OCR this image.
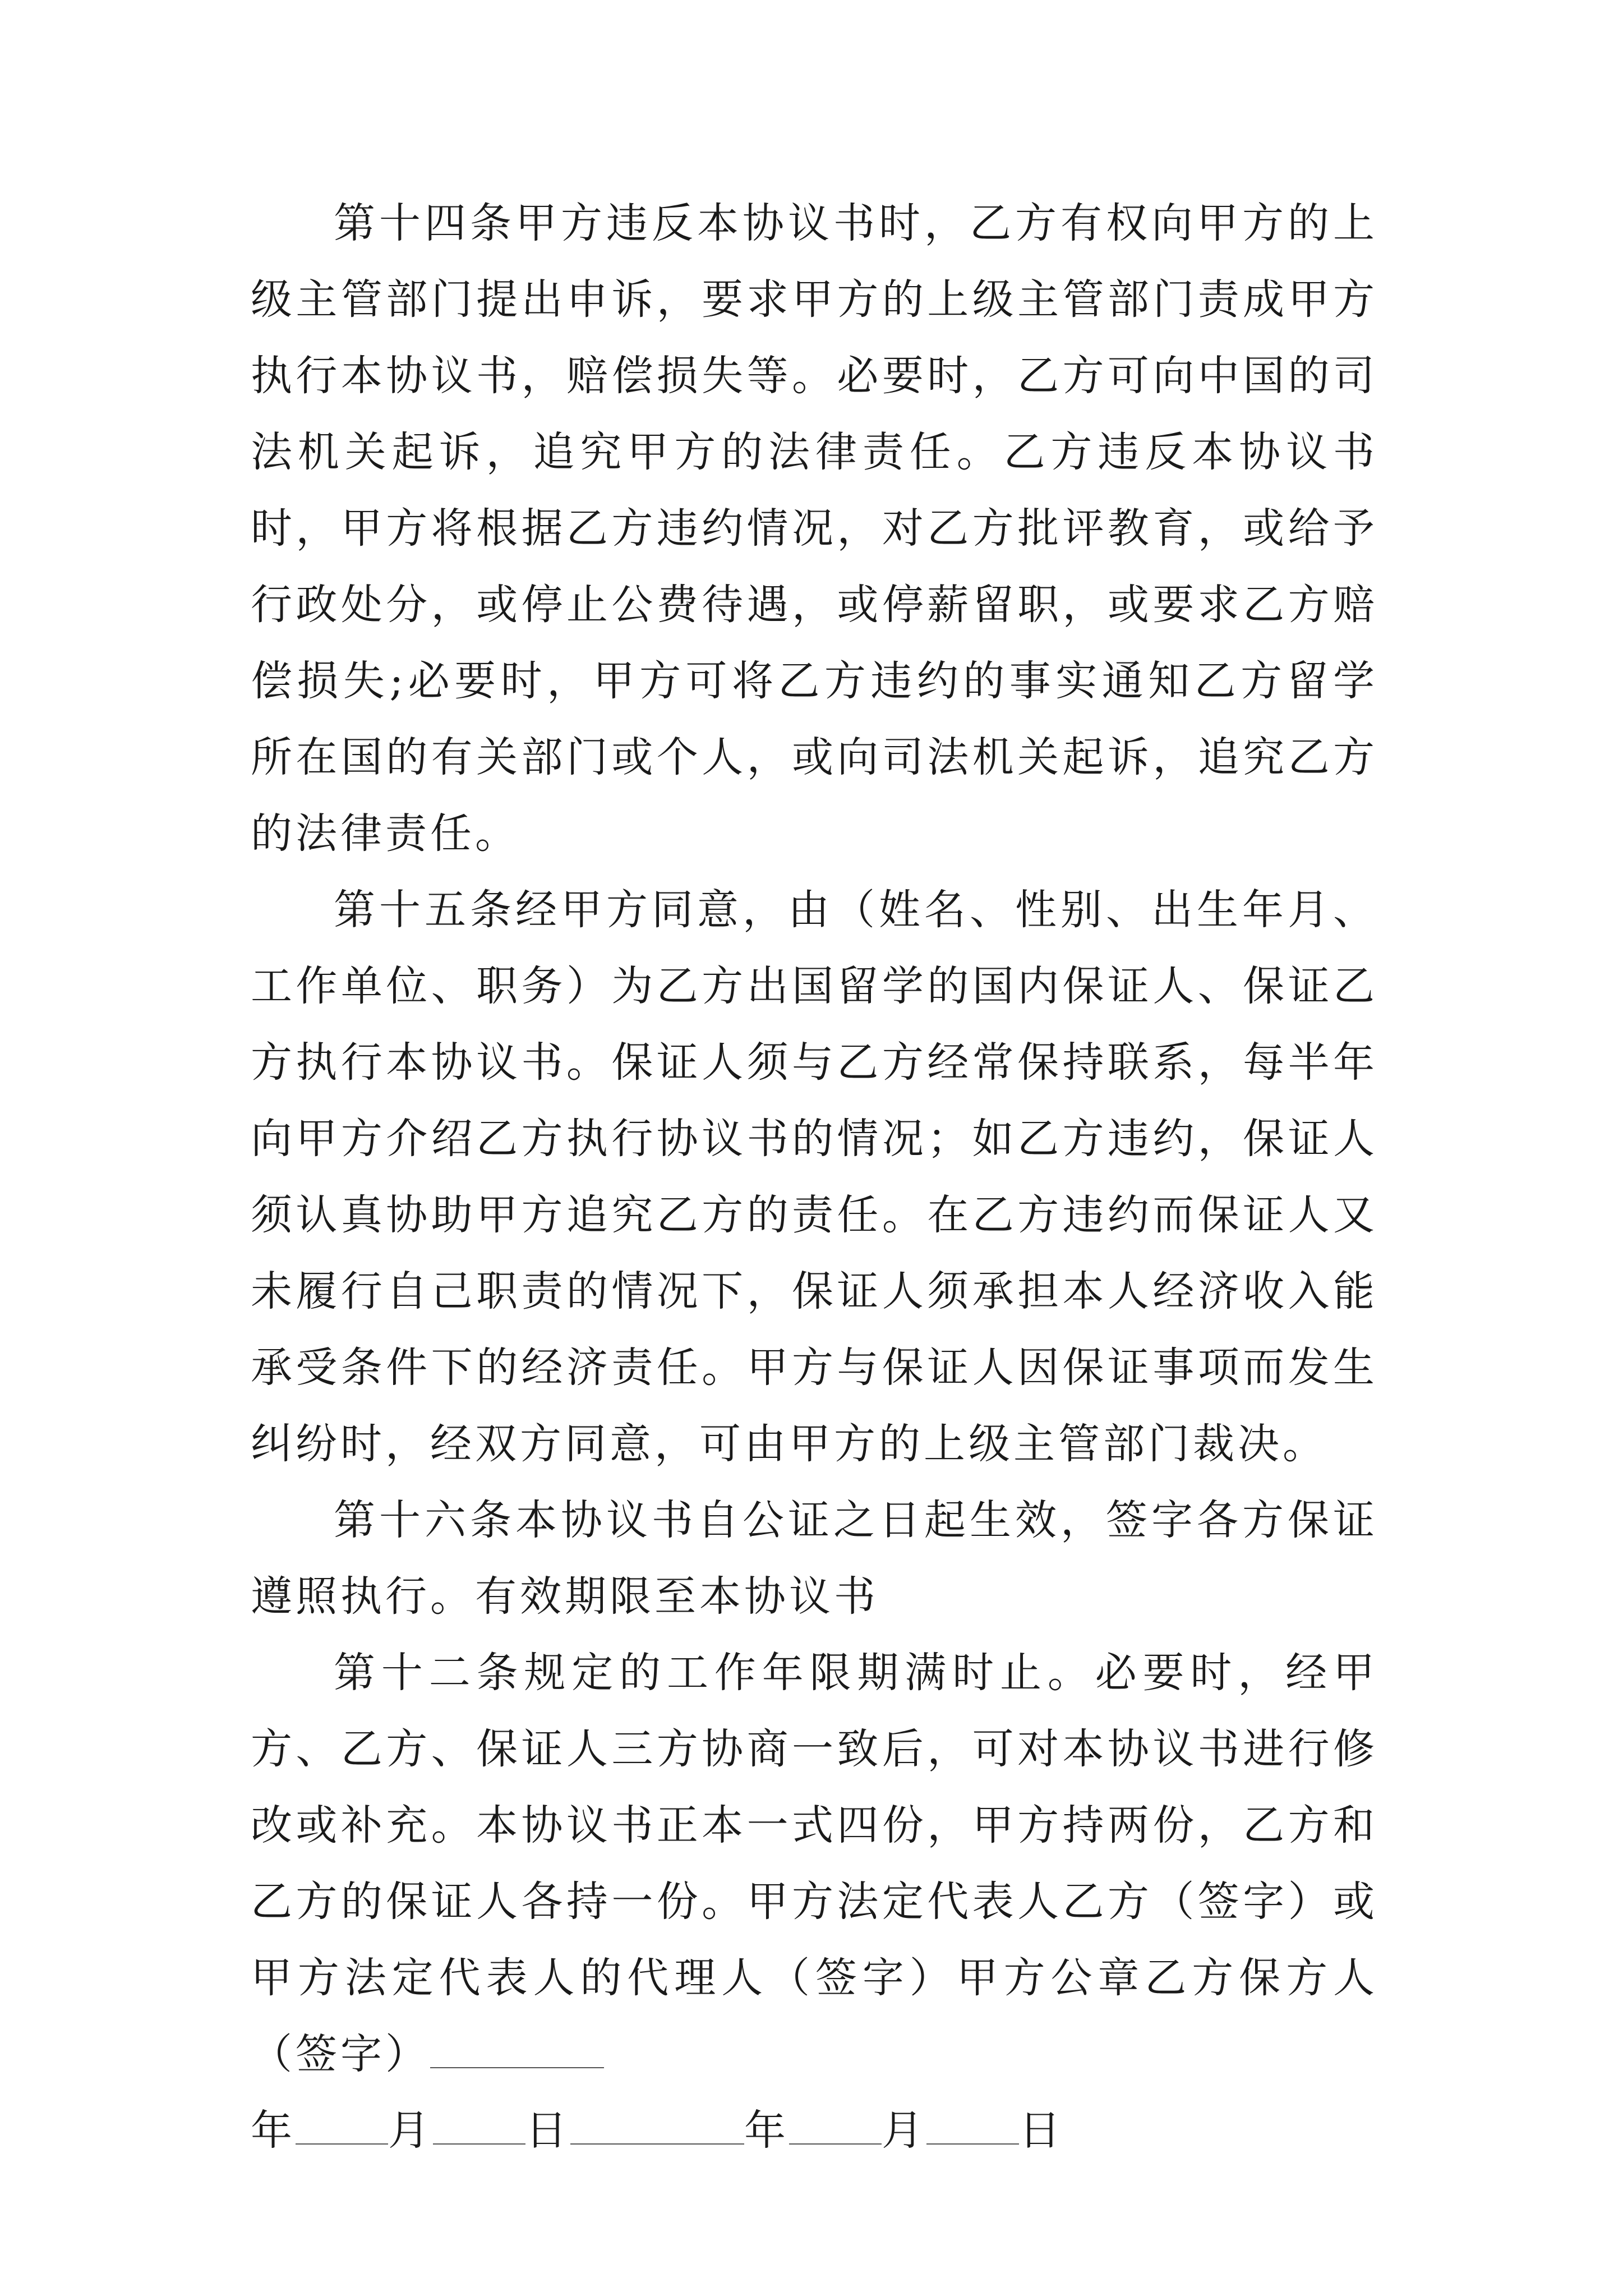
第十四条甲方违反本协议书时，乙方有权向甲方的上级主管部门提出申诉，要求甲方的上级主管部门责成甲方执行本协议书，赔偿损失等。必要时，乙方可向中国的司法机关起诉，追究甲方的法律责任。乙方违反本协议书时，甲方将根据乙方违约情况，对乙方批评教育，或给予行政处分，或停止公费待遇，或停薪留职，或要求乙方赔偿损失;必要时，甲方可将乙方违约的事实通知乙方留学所在国的有关部门或个人，或向司法机关起诉，追究乙方的法律责任。

第十五条经甲方同意，由（姓名、性别、出生年月、工作单位、职务）为乙方出国留学的国内保证人、保证乙方执行本协议书。保证人须与乙方经常保持联系，每半年向甲方介绍乙方执行协议书的情况；如乙方违约，保证人须认真协助甲方追究乙方的责任。在乙方违约而保证人又未履行自己职责的情况下，保证人须承担本人经济收入能承受条件下的经济责任。甲方与保证人因保证事项而发生纠纷时，经双方同意，可由甲方的上级主管部门裁决。

第十六条本协议书自公证之日起生效，签字各方保证遵照执行。有效期限至本协议书

第十二条规定的工作年限期满时止。必要时，经甲方、乙方、保证人三方协商一致后，可对本协议书进行修改或补充。本协议书正本一式四份，甲方持两份，乙方和乙方的保证人各持一份。甲方法定代表人乙方（签字）或甲方法定代表人的代理人（签字）甲方公章乙方保方人（签字）

年 月 日	年 月 日
